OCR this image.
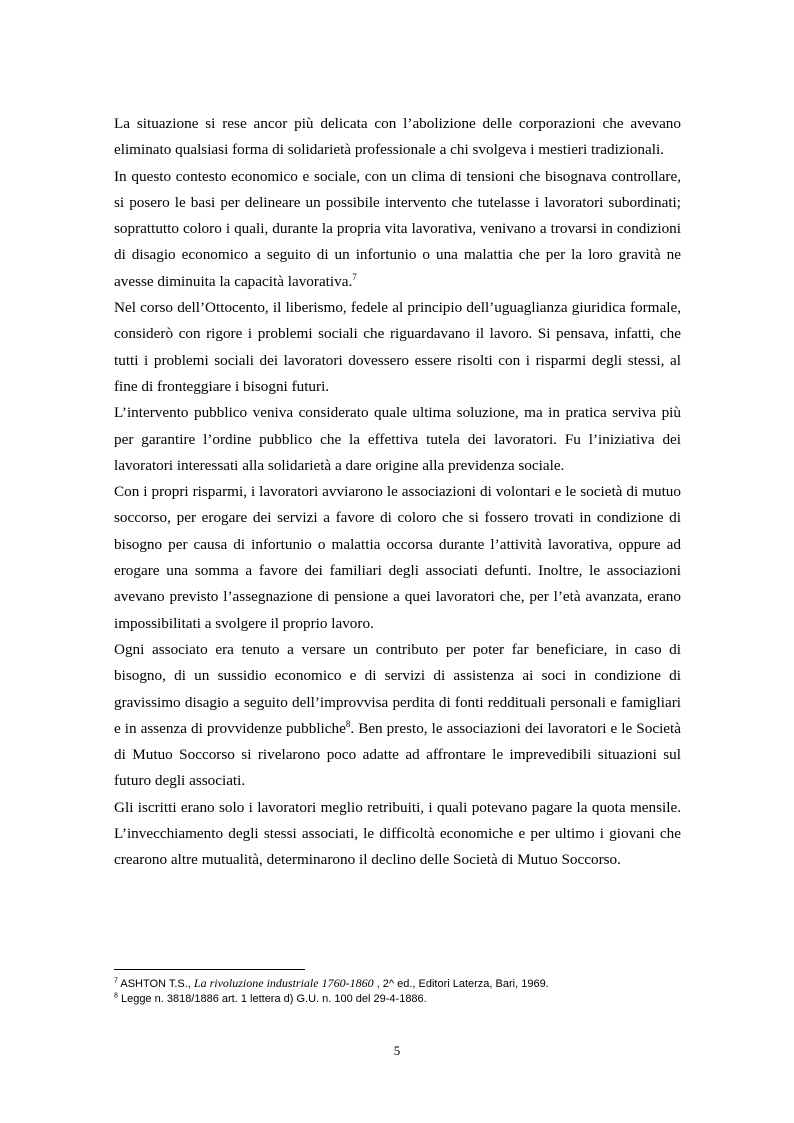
La situazione si rese ancor più delicata con l’abolizione delle corporazioni che avevano eliminato qualsiasi forma di solidarietà professionale a chi svolgeva i mestieri tradizionali.

In questo contesto economico e sociale, con un clima di tensioni che bisognava controllare, si posero le basi per delineare un possibile intervento che tutelasse i lavoratori subordinati; soprattutto coloro i quali, durante la propria vita lavorativa, venivano a trovarsi in condizioni di disagio economico a seguito di un infortunio o una malattia che per la loro gravità ne avesse diminuita la capacità lavorativa.$^7$

Nel corso dell’Ottocento, il liberismo, fedele al principio dell’uguaglianza giuridica formale, considerò con rigore i problemi sociali che riguardavano il lavoro. Si pensava, infatti, che tutti i problemi sociali dei lavoratori dovessero essere risolti con i risparmi degli stessi, al fine di fronteggiare i bisogni futuri.

L’intervento pubblico veniva considerato quale ultima soluzione, ma in pratica serviva più per garantire l’ordine pubblico che la effettiva tutela dei lavoratori. Fu l’iniziativa dei lavoratori interessati alla solidarietà a dare origine alla previdenza sociale.

Con i propri risparmi, i lavoratori avviarono le associazioni di volontari e le società di mutuo soccorso, per erogare dei servizi a favore di coloro che si fossero trovati in condizione di bisogno per causa di infortunio o malattia occorsa durante l’attività lavorativa, oppure ad erogare una somma a favore dei familiari degli associati defunti. Inoltre, le associazioni avevano previsto l’assegnazione di pensione a quei lavoratori che, per l’età avanzata, erano impossibilitati a svolgere il proprio lavoro.

Ogni associato era tenuto a versare un contributo per poter far beneficiare, in caso di bisogno, di un sussidio economico e di servizi di assistenza ai soci in condizione di gravissimo disagio a seguito dell’improvvisa perdita di fonti reddituali personali e famigliari e in assenza di provvidenze pubbliche$^8$. Ben presto, le associazioni dei lavoratori e le Società di Mutuo Soccorso si rivelarono poco adatte ad affrontare le imprevedibili situazioni sul futuro degli associati.

Gli iscritti erano solo i lavoratori meglio retribuiti, i quali potevano pagare la quota mensile. L’invecchiamento degli stessi associati, le difficoltà economiche e per ultimo i giovani che crearono altre mutualità, determinarono il declino delle Società di Mutuo Soccorso.

$^7$ ASHTON T.S., La rivoluzione industriale 1760-1860 , 2^ ed., Editori Laterza, Bari, 1969.

$^8$ Legge n. 3818/1886 art. 1 lettera d) G.U. n. 100 del 29-4-1886.

5
